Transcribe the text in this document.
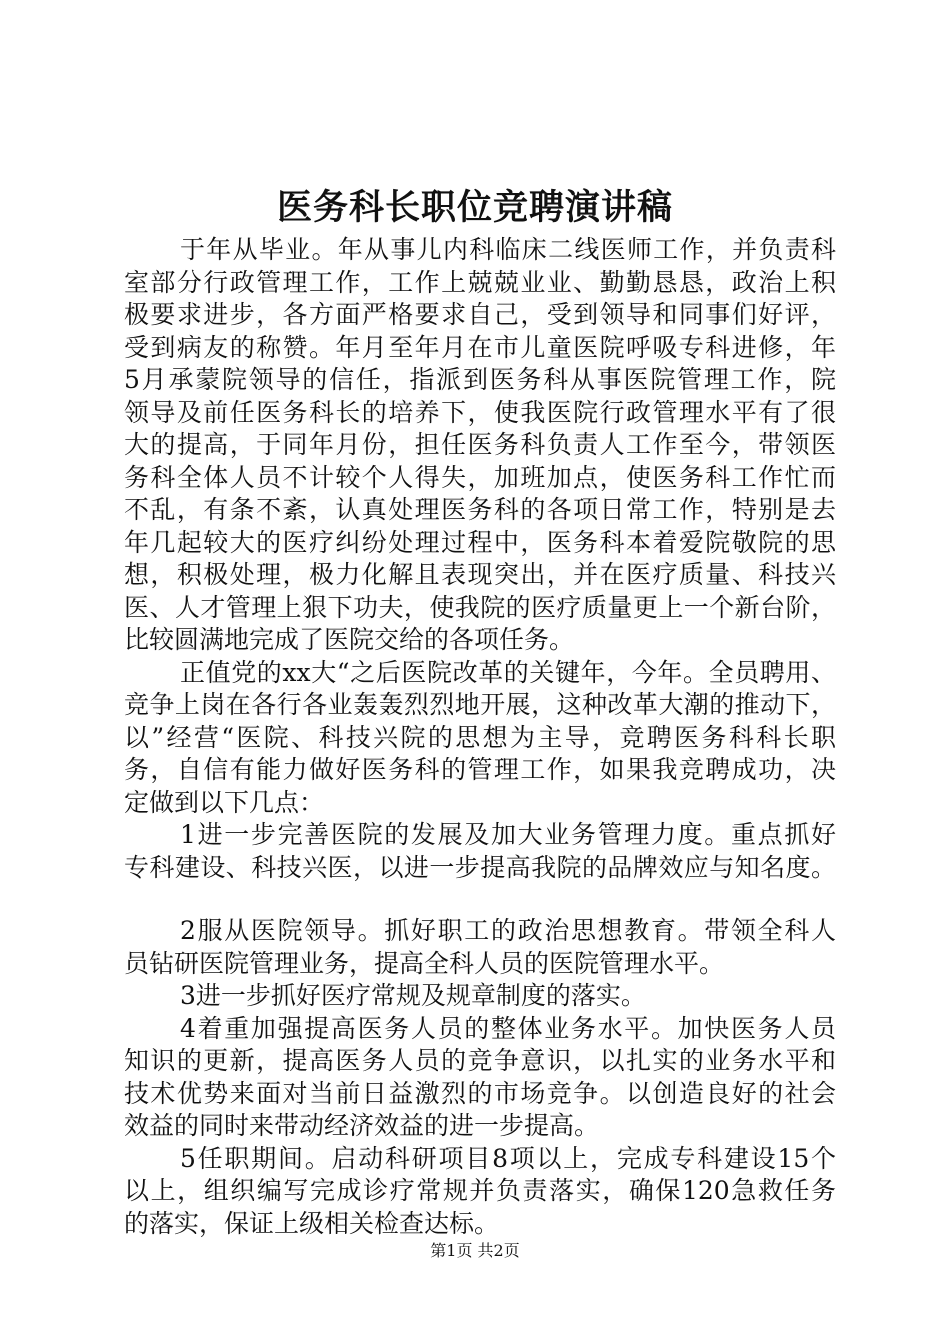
医务科长职位竞聘演讲稿
于年从毕业。年从事儿内科临床二线医师工作，并负责科
室部分行政管理工作，工作上兢兢业业、勤勤恳恳，政治上积
极要求进步，各方面严格要求自己，受到领导和同事们好评，
受到病友的称赞。年月至年月在市儿童医院呼吸专科进修，年
5月承蒙院领导的信任，指派到医务科从事医院管理工作，院
领导及前任医务科长的培养下，使我医院行政管理水平有了很
大的提高，于同年月份，担任医务科负责人工作至今，带领医
务科全体人员不计较个人得失，加班加点，使医务科工作忙而
不乱，有条不紊，认真处理医务科的各项日常工作，特别是去
年几起较大的医疗纠纷处理过程中，医务科本着爱院敬院的思
想，积极处理，极力化解且表现突出，并在医疗质量、科技兴
医、人才管理上狠下功夫，使我院的医疗质量更上一个新台阶，
比较圆满地完成了医院交给的各项任务。
正值党的xx大“之后医院改革的关键年，今年。全员聘用、
竞争上岗在各行各业轰轰烈烈地开展，这种改革大潮的推动下，
以”经营“医院、科技兴院的思想为主导，竞聘医务科科长职
务，自信有能力做好医务科的管理工作，如果我竞聘成功，决
定做到以下几点：
1进一步完善医院的发展及加大业务管理力度。重点抓好
专科建设、科技兴医，以进一步提高我院的品牌效应与知名度。
2服从医院领导。抓好职工的政治思想教育。带领全科人
员钻研医院管理业务，提高全科人员的医院管理水平。
3进一步抓好医疗常规及规章制度的落实。
4着重加强提高医务人员的整体业务水平。加快医务人员
知识的更新，提高医务人员的竞争意识，以扎实的业务水平和
技术优势来面对当前日益激烈的市场竞争。以创造良好的社会
效益的同时来带动经济效益的进一步提高。
5任职期间。启动科研项目8项以上，完成专科建设15个
以上，组织编写完成诊疗常规并负责落实，确保120急救任务
的落实，保证上级相关检查达标。
第1页 共2页
